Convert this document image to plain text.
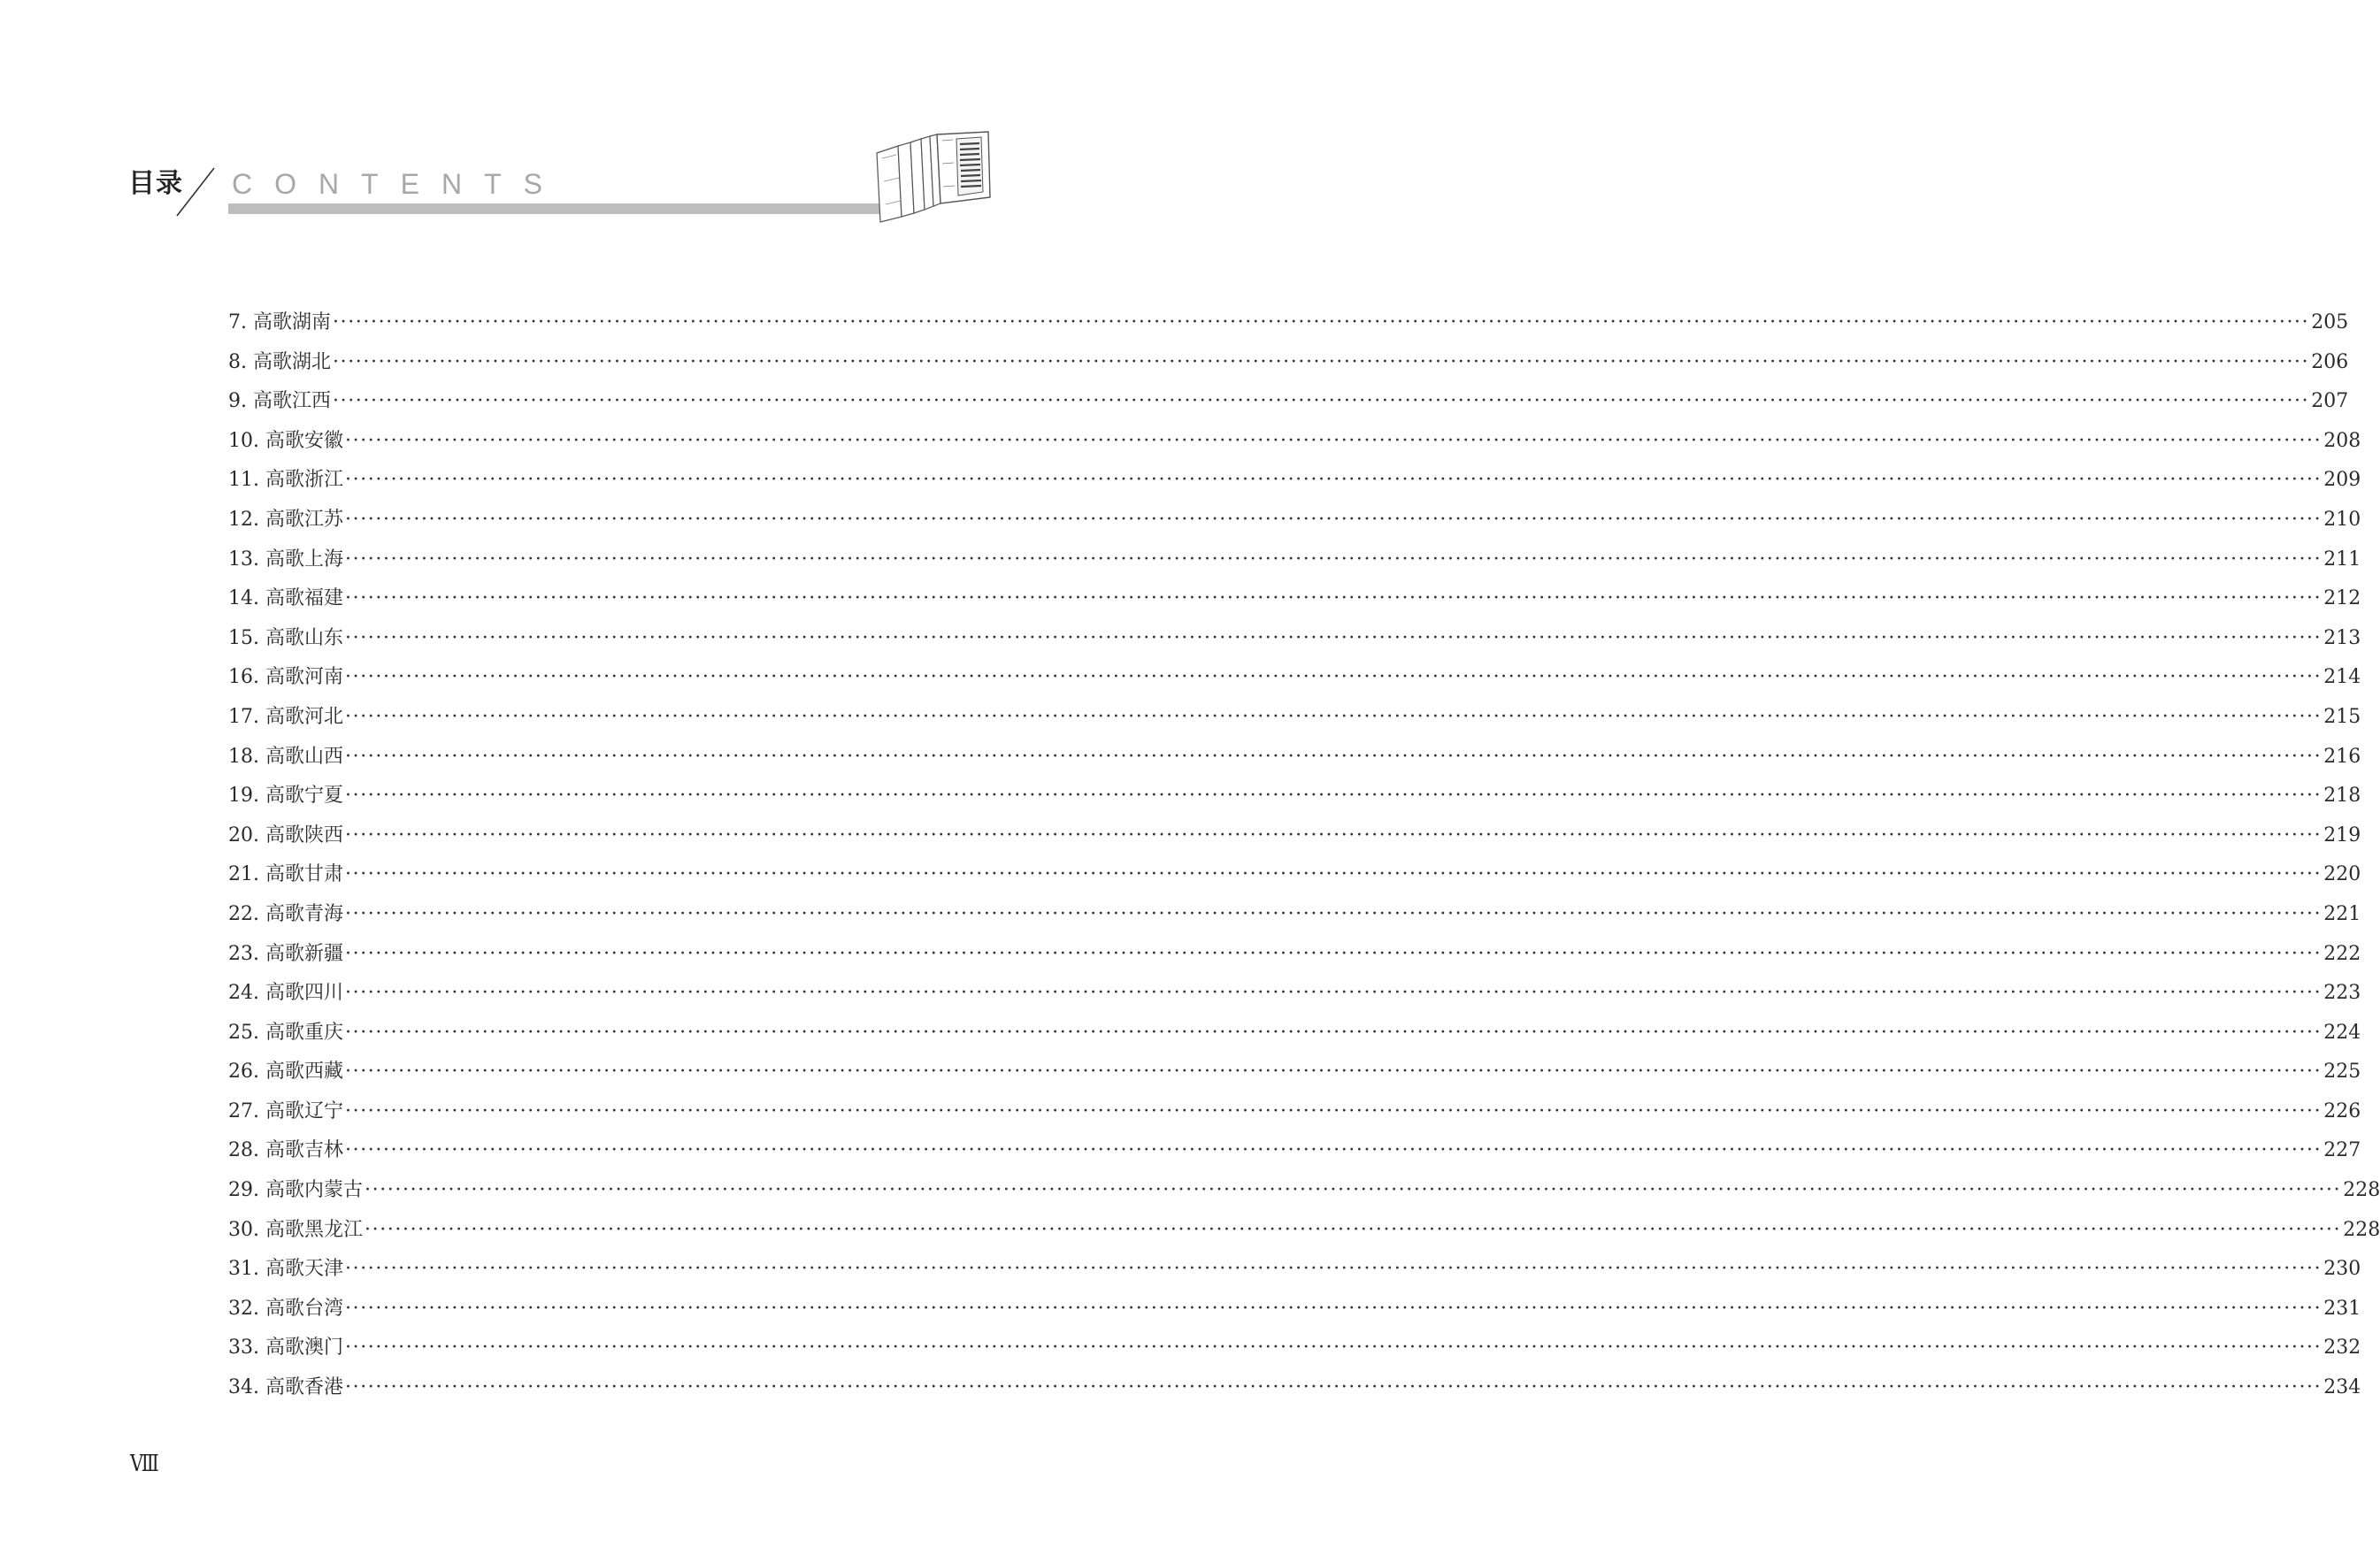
目录 CONTENTS
7.
高歌湖南 ···································································································································································································································································· 205
8.
高歌湖北 ···································································································································································································································································· 206
9.
高歌江西 ···································································································································································································································································· 207
10.
高歌安徽 ···································································································································································································································································· 208
11.
高歌浙江 ···································································································································································································································································· 209
12.
高歌江苏 ···································································································································································································································································· 210
13.
高歌上海 ···································································································································································································································································· 211
14.
高歌福建 ···································································································································································································································································· 212
15.
高歌山东 ···································································································································································································································································· 213
16.
高歌河南 ···································································································································································································································································· 214
17.
高歌河北 ···································································································································································································································································· 215
18.
高歌山西 ···································································································································································································································································· 216
19.
高歌宁夏 ···································································································································································································································································· 218
20.
高歌陕西 ···································································································································································································································································· 219
21.
高歌甘肃 ···································································································································································································································································· 220
22.
高歌青海 ···································································································································································································································································· 221
23.
高歌新疆 ···································································································································································································································································· 222
24.
高歌四川 ···································································································································································································································································· 223
25.
高歌重庆 ···································································································································································································································································· 224
26.
高歌西藏 ···································································································································································································································································· 225
27.
高歌辽宁 ···································································································································································································································································· 226
28.
高歌吉林 ···································································································································································································································································· 227
29.
高歌内蒙古 ···································································································································································································································································· 228
30.
高歌黑龙江 ···································································································································································································································································· 228
31.
高歌天津 ···································································································································································································································································· 230
32.
高歌台湾 ···································································································································································································································································· 231
33.
高歌澳门 ···································································································································································································································································· 232
34.
高歌香港 ···································································································································································································································································· 234
Ⅷ
